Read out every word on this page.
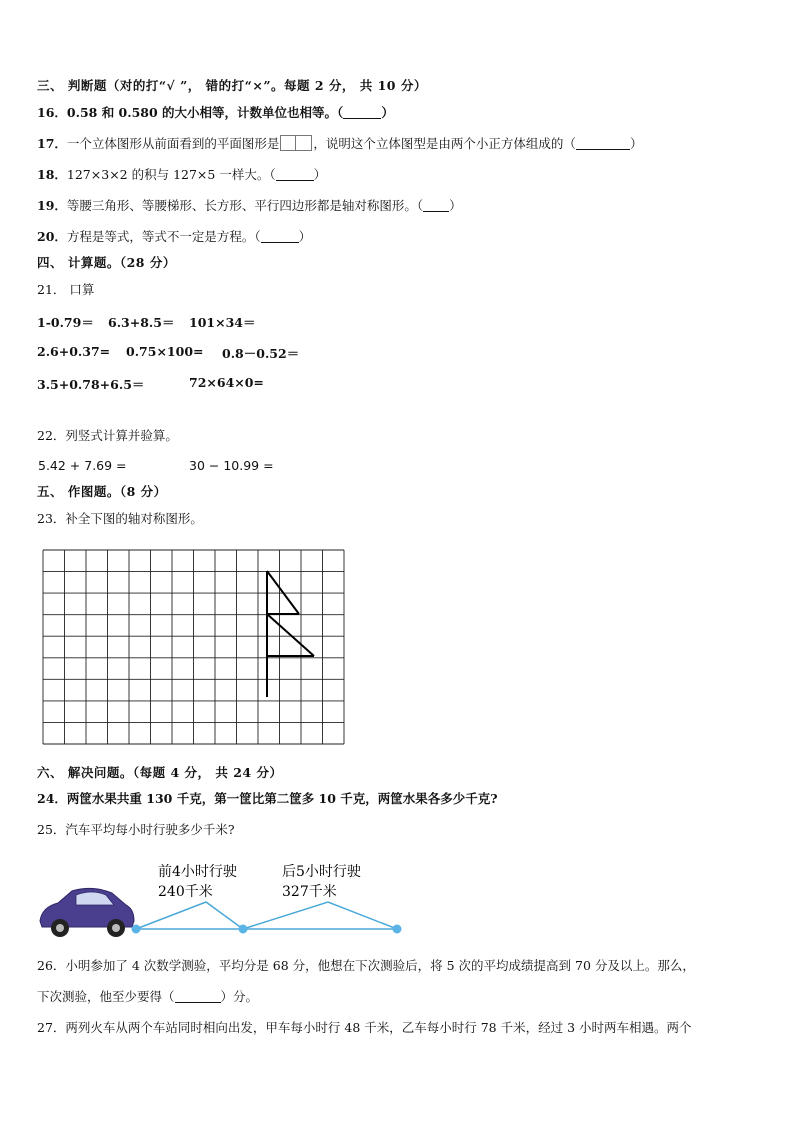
三、 判断题（对的打“√ ”， 错的打“×”。每题 2 分， 共 10 分）
16．0.58 和 0.580 的大小相等，计数单位也相等。（	）
17．一个立体图形从前面看到的平面图形是	，说明这个立体图型是由两个小正方体组成的（	）
18．127×3×2 的积与 127×5 一样大。（	）
19．等腰三角形、等腰梯形、长方形、平行四边形都是轴对称图形。（ ）
20．方程是等式，等式不一定是方程。（	）
四、 计算题。（28 分）
21． 口算
1-0.79＝ 6.3+8.5＝ 101×34＝
2.6+0.37= 0.75×100= 0.8－0.52＝
3.5+0.78+6.5＝	72×64×0=
22．列竖式计算并验算。
5.42 + 7.69 =	30 − 10.99 =
五、 作图题。（8 分）
23．补全下图的轴对称图形。
六、 解决问题。（每题 4 分， 共 24 分）
24．两筐水果共重 130 千克，第一筐比第二筐多 10 千克，两筐水果各多少千克?
25．汽车平均每小时行驶多少千米?
前4小时行驶
240千米
后5小时行驶
327千米
26．小明参加了 4 次数学测验，平均分是 68 分，他想在下次测验后，将 5 次的平均成绩提高到 70 分及以上。那么，
下次测验，他至少要得（	）分。
27．两列火车从两个车站同时相向出发，甲车每小时行 48 千米，乙车每小时行 78 千米，经过 3 小时两车相遇。两个
